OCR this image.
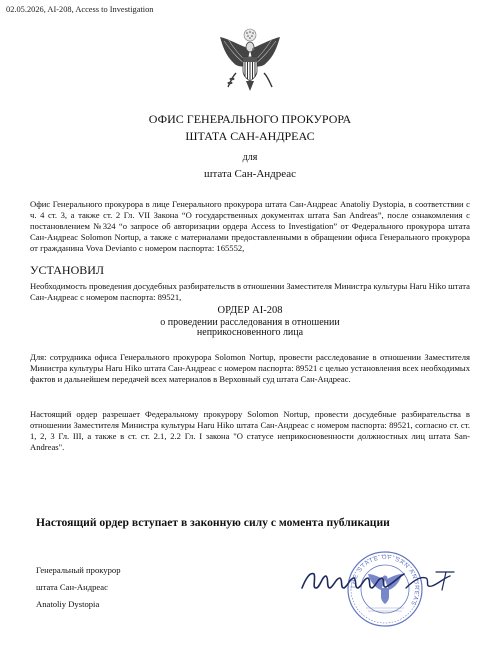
02.05.2026, AI-208, Access to Investigation
ОФИС ГЕНЕРАЛЬНОГО ПРОКУРОРА
ШТАТА САН-АНДРЕАС
для
штата Сан-Андреас
Офис Генерального прокурора в лице Генерального прокурора штата Сан-Андреас Anatoliy Dystopia, в соответствии с ч. 4 ст. 3, а также ст. 2 Гл. VII Закона “О государственных документах штата San Andreas”, после ознакомления с постановлением №324 “о запросе об авторизации ордера Access to Investigation” от Федерального прокурора штата Сан-Андреас Solomon Nortup, а также с материалами предоставленными в обращении офиса Генерального прокурора от гражданина Vova Devianto с номером паспорта: 165552,
УСТАНОВИЛ
Необходимость проведения досудебных разбирательств в отношении Заместителя Министра культуры Haru Hiko штата Сан-Андреас с номером паспорта: 89521,
ОРДЕР AI-208
о проведении расследования в отношении
неприкосновенного лица
Для: сотрудника офиса Генерального прокурора Solomon Nortup, провести расследование в отношении Заместителя Министра культуры Haru Hiko штата Сан-Андреас с номером паспорта: 89521 с целью установления всех необходимых фактов и дальнейшем передачей всех материалов в Верховный суд штата Сан-Андреас.
Настоящий ордер разрешает Федеральному прокурору Solomon Nortup, провести досудебные разбирательства в отношении Заместителя Министра культуры Haru Hiko штата Сан-Андреас с номером паспорта: 89521, согласно ст. ст. 1, 2, 3 Гл. III, а также в ст. ст. 2.1, 2.2 Гл. I закона "О статусе неприкосновенности должностных лиц штата San-Andreas".
Настоящий ордер вступает в законную силу с момента публикации
Генеральный прокурор
штата Сан-Андреас
Anatoliy Dystopia
THE STATE OF SAN ANDREAS
